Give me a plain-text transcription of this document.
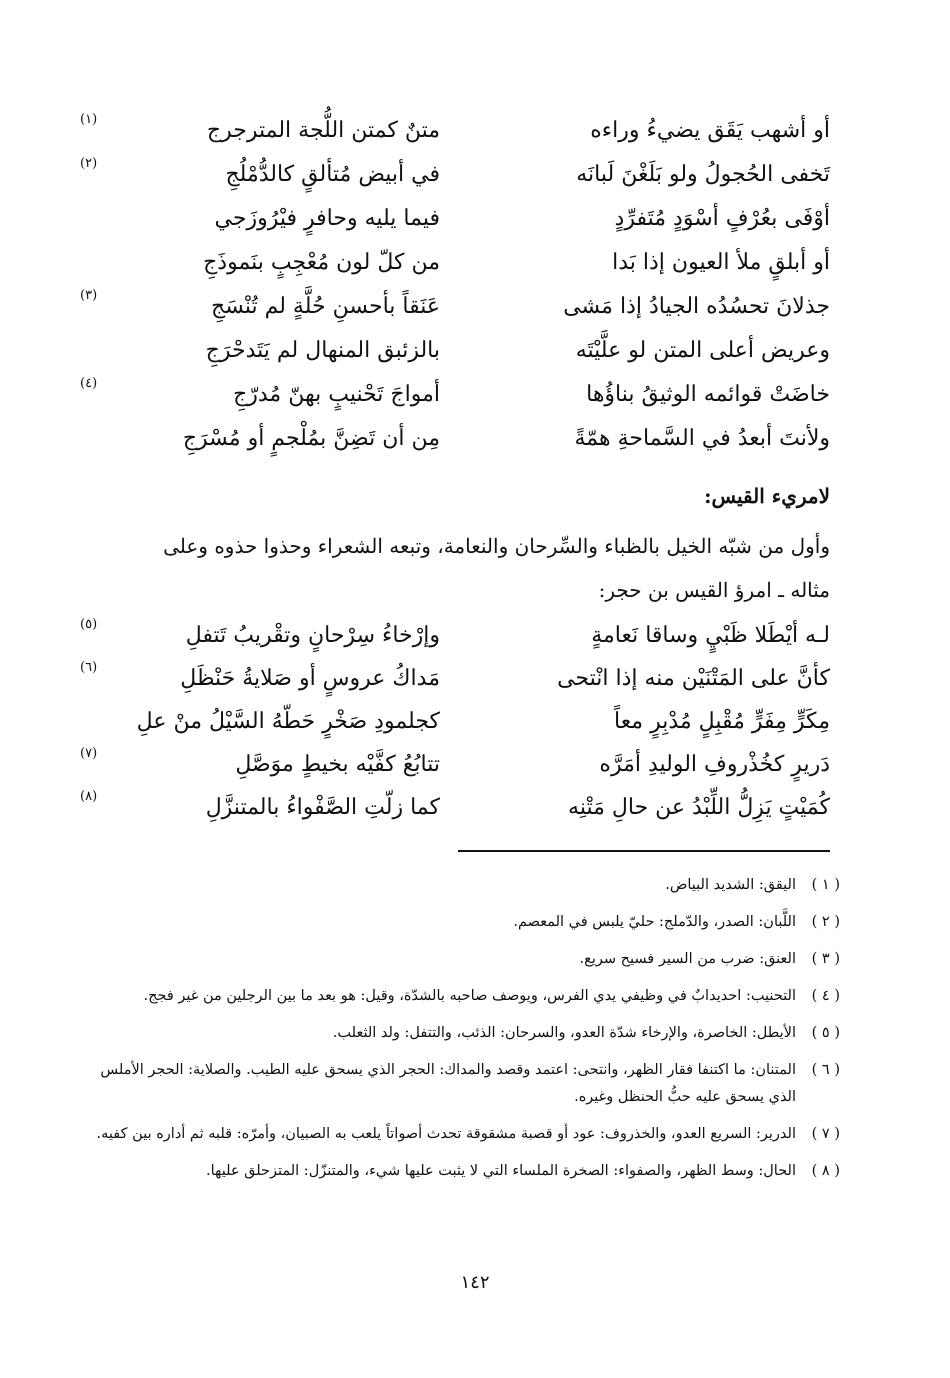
أو أشهب يَقَق يضيءُ وراءه
متنٌ كمتن اللُّجة المترجرج
(١)
تَخفى الحُجولُ ولو بَلَغْنَ لَبانَه
في أبيض مُتألقٍ كالدُّمْلُجِ
(٢)
أوْفَى بعُرْفٍ أسْوَدٍ مُتَفرِّدٍ
فيما يليه وحافرٍ فيْرُوزَجي
أو أبلقٍ ملأ العيون إذا بَدا
من كلّ لون مُعْجِبٍ بنَموذَجِ
جذلانَ تحسُدُه الجيادُ إذا مَشى
عَنَقاً بأحسنِ حُلَّةٍ لم تُنْسَجِ
(٣)
وعريض أعلى المتن لو علَّيْتَه
بالزئبق المنهال لم يَتَدحْرَجِ
خاضَتْ قوائمه الوثيقُ بناؤُها
أمواجَ تَحْنيبٍ بهنّ مُدرّجِ
(٤)
ولأنتَ أبعدُ في السَّماحةِ همّةً
مِن أن تَضِنَّ بمُلْجمٍ أو مُسْرَجِ
لامريء القيس:
وأول من شبّه الخيل بالظباء والسِّرحان والنعامة، وتبعه الشعراء وحذوا حذوه وعلى
مثاله ـ امرؤ القيس بن حجر:
لـه أيْطَلا ظَبْيٍ وساقا نَعامةٍ
وإرْخاءُ سِرْحانٍ وتقْريبُ تَتفلِ
(٥)
كأنَّ على المَتْنَيْن منه إذا انْتحى
مَداكُ عروسٍ أو صَلايةُ حَنْظَلِ
(٦)
مِكَرٍّ مِفَرٍّ مُقْبِلٍ مُدْبِرٍ معاً
كجلمودِ صَخْرٍ حَطّهُ السَّيْلُ منْ علِ
دَريرٍ كخُذْروفِ الوليدِ أمَرَّه
تتابُعُ كفَّيْه بخيطٍ موَصَّلِ
(٧)
كُمَيْتٍ يَزِلُّ اللِّبْدُ عن حالِ مَتْنِه
كما زلّتِ الصَّفْواءُ بالمتنزَّلِ
(٨)
( ١ )
اليقق: الشديد البياض.
( ٢ )
اللَّبان: الصدر، والدّملج: حليّ يلبس في المعصم.
( ٣ )
العنق: ضرب من السير فسيح سريع.
( ٤ )
التحنيب: احديدابٌ في وظيفي يدي الفرس، ويوصف صاحبه بالشدّة، وقيل: هو بعد ما بين الرجلين من غير فجج.
( ٥ )
الأيطل: الخاصرة، والإرخاء شدّة العدو، والسرحان: الذئب، والتتفل: ولد الثعلب.
( ٦ )
المتنان: ما اكتنفا فقار الظهر، وانتحى: اعتمد وقصد والمداك: الحجر الذي يسحق عليه الطيب. والصلاية: الحجر الأملس الذي يسحق عليه حبُّ الحنظل وغيره.
( ٧ )
الدرير: السريع العدو، والخذروف: عود أو قصبة مشقوقة تحدث أصواتاً يلعب به الصبيان، وأمرّه: قلبه ثم أداره بين كفيه.
( ٨ )
الحال: وسط الظهر، والصفواء: الصخرة الملساء التي لا يثبت عليها شيء، والمتنزّل: المتزحلق عليها.
١٤٢
